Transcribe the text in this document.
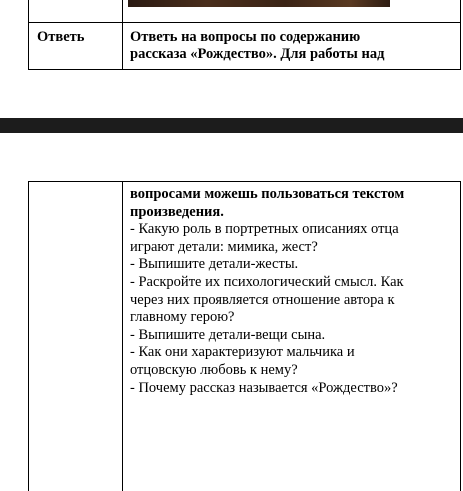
Ответь	Ответь на вопросы по содержанию
рассказа «Рождество». Для работы над
вопросами можешь пользоваться текстом
произведения.
- Какую роль в портретных описаниях отца
играют детали: мимика, жест?
- Выпишите детали-жесты.
- Раскройте их психологический смысл. Как
через них проявляется отношение автора к
главному герою?
- Выпишите детали-вещи сына.
- Как они характеризуют мальчика и
отцовскую любовь к нему?
- Почему рассказ называется «Рождество»?
